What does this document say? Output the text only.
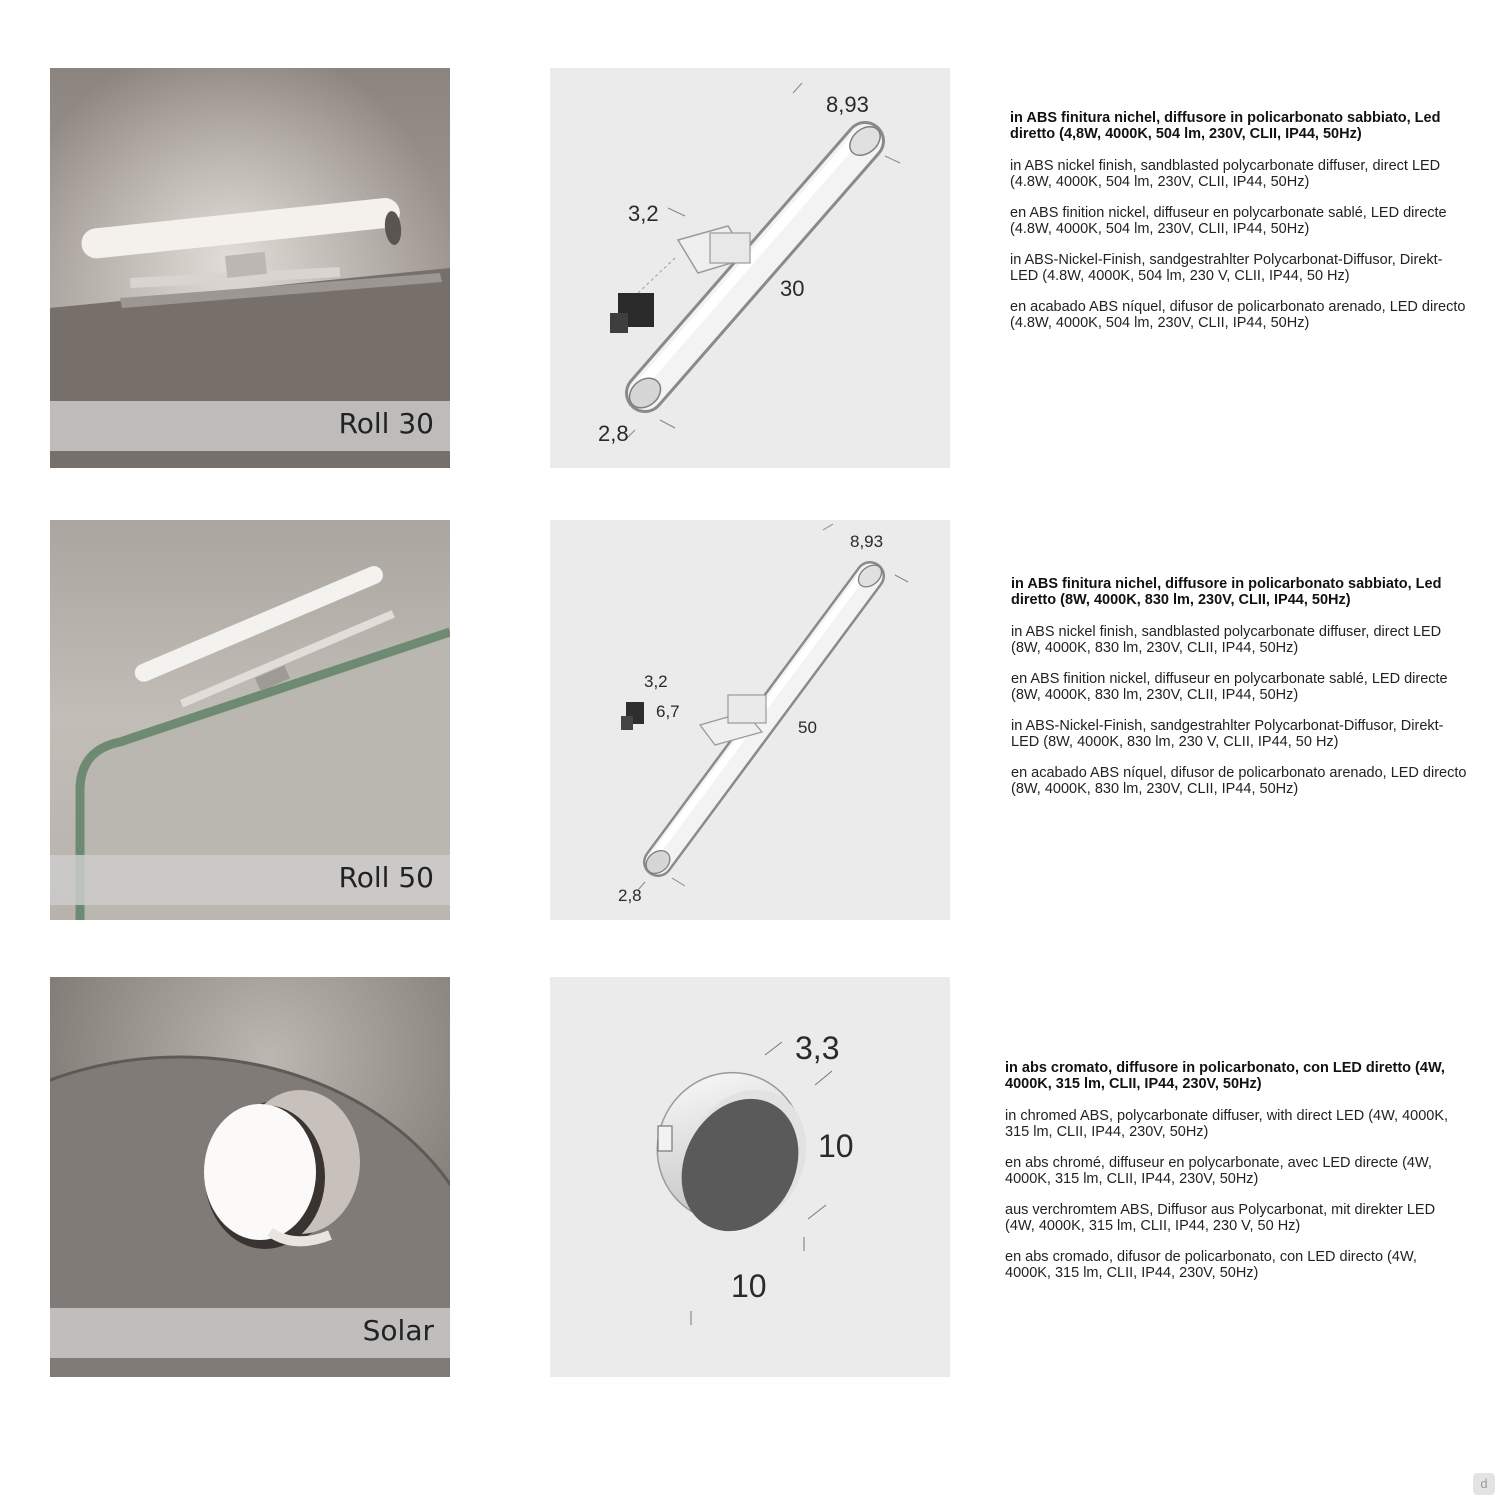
Roll 30
8,93
3,2
30
2,8

in ABS finitura nichel, diffusore in policarbonato sabbiato, Led diretto (4,8W, 4000K, 504 lm, 230V, CLII, IP44, 50Hz)

in ABS nickel finish, sandblasted polycarbonate diffuser, direct LED (4.8W, 4000K, 504 lm, 230V, CLII, IP44, 50Hz)

en ABS finition nickel, diffuseur en polycarbonate sablé, LED directe (4.8W, 4000K, 504 lm, 230V, CLII, IP44, 50Hz)

in ABS-Nickel-Finish, sandgestrahlter Polycarbonat-Diffusor, Direkt-LED (4.8W, 4000K, 504 lm, 230 V, CLII, IP44, 50 Hz)

en acabado ABS níquel, difusor de policarbonato arenado, LED directo (4.8W, 4000K, 504 lm, 230V, CLII, IP44, 50Hz)

Roll 50
8,93
3,2
6,7
50
2,8

in ABS finitura nichel, diffusore in policarbonato sabbiato, Led diretto (8W, 4000K, 830 lm, 230V, CLII, IP44, 50Hz)

in ABS nickel finish, sandblasted polycarbonate diffuser, direct LED (8W, 4000K, 830 lm, 230V, CLII, IP44, 50Hz)

en ABS finition nickel, diffuseur en polycarbonate sablé, LED directe (8W, 4000K, 830 lm, 230V, CLII, IP44, 50Hz)

in ABS-Nickel-Finish, sandgestrahlter Polycarbonat-Diffusor, Direkt-LED (8W, 4000K, 830 lm, 230 V, CLII, IP44, 50 Hz)

en acabado ABS níquel, difusor de policarbonato arenado, LED directo (8W, 4000K, 830 lm, 230V, CLII, IP44, 50Hz)

Solar
3,3
10
10

in abs cromato, diffusore in policarbonato, con LED diretto (4W, 4000K, 315 lm, CLII, IP44, 230V, 50Hz)

in chromed ABS, polycarbonate diffuser, with direct LED (4W, 4000K, 315 lm, CLII, IP44, 230V, 50Hz)

en abs chromé, diffuseur en polycarbonate, avec LED directe (4W, 4000K, 315 lm, CLII, IP44, 230V, 50Hz)

aus verchromtem ABS, Diffusor aus Polycarbonat, mit direkter LED (4W, 4000K, 315 lm, CLII, IP44, 230 V, 50 Hz)

en abs cromado, difusor de policarbonato, con LED directo (4W, 4000K, 315 lm, CLII, IP44, 230V, 50Hz)

d
